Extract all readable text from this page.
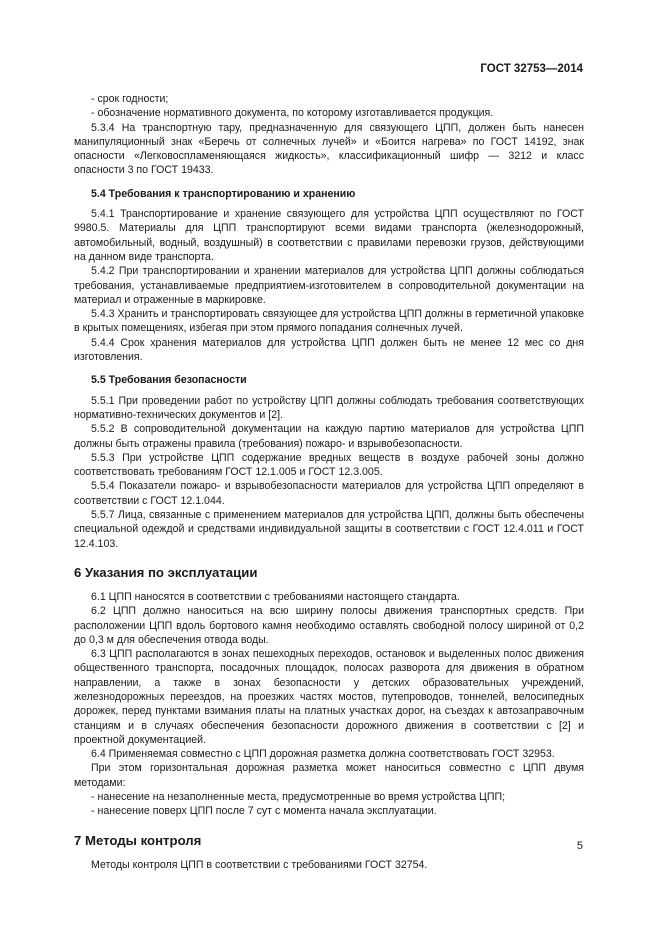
ГОСТ 32753—2014

- срок годности;

- обозначение нормативного документа, по которому изготавливается продукция.

5.3.4 На транспортную тару, предназначенную для связующего ЦПП, должен быть нанесен манипуляционный знак «Беречь от солнечных лучей» и «Боится нагрева» по ГОСТ 14192, знак опасности «Легковоспламеняющаяся жидкость», классификационный шифр — 3212 и класс опасности 3 по ГОСТ 19433.

5.4 Требования к транспортированию и хранению

5.4.1 Транспортирование и хранение связующего для устройства ЦПП осуществляют по ГОСТ 9980.5. Материалы для ЦПП транспортируют всеми видами транспорта (железнодорожный, автомобильный, водный, воздушный) в соответствии с правилами перевозки грузов, действующими на данном виде транспорта.

5.4.2 При транспортировании и хранении материалов для устройства ЦПП должны соблюдаться требования, устанавливаемые предприятием-изготовителем в сопроводительной документации на материал и отраженные в маркировке.

5.4.3 Хранить и транспортировать связующее для устройства ЦПП должны в герметичной упаковке в крытых помещениях, избегая при этом прямого попадания солнечных лучей.

5.4.4 Срок хранения материалов для устройства ЦПП должен быть не менее 12 мес со дня изготовления.

5.5 Требования безопасности

5.5.1 При проведении работ по устройству ЦПП должны соблюдать требования соответствующих нормативно-технических документов и [2].

5.5.2 В сопроводительной документации на каждую партию материалов для устройства ЦПП должны быть отражены правила (требования) пожаро- и взрывобезопасности.

5.5.3 При устройстве ЦПП содержание вредных веществ в воздухе рабочей зоны должно соответствовать требованиям ГОСТ 12.1.005 и ГОСТ 12.3.005.

5.5.4 Показатели пожаро- и взрывобезопасности материалов для устройства ЦПП определяют в соответствии с ГОСТ 12.1.044.

5.5.7 Лица, связанные с применением материалов для устройства ЦПП, должны быть обеспечены специальной одеждой и средствами индивидуальной защиты в соответствии с ГОСТ 12.4.011 и ГОСТ 12.4.103.

6 Указания по эксплуатации

6.1 ЦПП наносятся в соответствии с требованиями настоящего стандарта.

6.2 ЦПП должно наноситься на всю ширину полосы движения транспортных средств. При расположении ЦПП вдоль бортового камня необходимо оставлять свободной полосу шириной от 0,2 до 0,3 м для обеспечения отвода воды.

6.3 ЦПП располагаются в зонах пешеходных переходов, остановок и выделенных полос движения общественного транспорта, посадочных площадок, полосах разворота для движения в обратном направлении, а также в зонах безопасности у детских образовательных учреждений, железнодорожных переездов, на проезжих частях мостов, путепроводов, тоннелей, велосипедных дорожек, перед пунктами взимания платы на платных участках дорог, на съездах к автозаправочным станциям и в случаях обеспечения безопасности дорожного движения в соответствии с [2] и проектной документацией.

6.4 Применяемая совместно с ЦПП дорожная разметка должна соответствовать ГОСТ 32953.

При этом горизонтальная дорожная разметка может наноситься совместно с ЦПП двумя методами:

- нанесение на незаполненные места, предусмотренные во время устройства ЦПП;

- нанесение поверх ЦПП после 7 сут с момента начала эксплуатации.

7 Методы контроля

Методы контроля ЦПП в соответствии с требованиями ГОСТ 32754.

5
